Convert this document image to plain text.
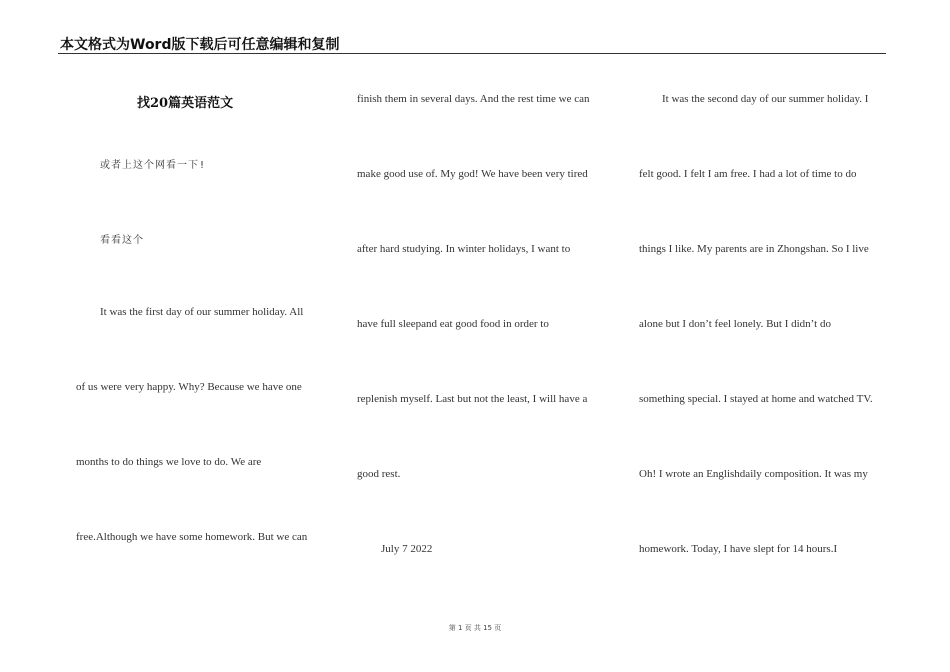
本文格式为Word版下载后可任意编辑和复制
找20篇英语范文
或者上这个网看一下!
看看这个
It was the first day of our summer holiday. All
of us were very happy. Why? Because we have one
months to do things we love to do. We are
free.Although we have some homework. But we can
finish them in several days. And the rest time we can
make good use of. My god! We have been very tired
after hard studying. In winter holidays, I want to
have full sleepand eat good food in order to
replenish myself. Last but not the least, I will have a
good rest.
July 7 2022
It was the second day of our summer holiday. I
felt good. I felt I am free. I had a lot of time to do
things I like. My parents are in Zhongshan. So I live
alone but I don’t feel lonely. But I didn’t do
something special. I stayed at home and watched TV.
Oh! I wrote an Englishdaily composition. It was my
homework. Today, I have slept for 14 hours.I
第 1 页 共 15 页
